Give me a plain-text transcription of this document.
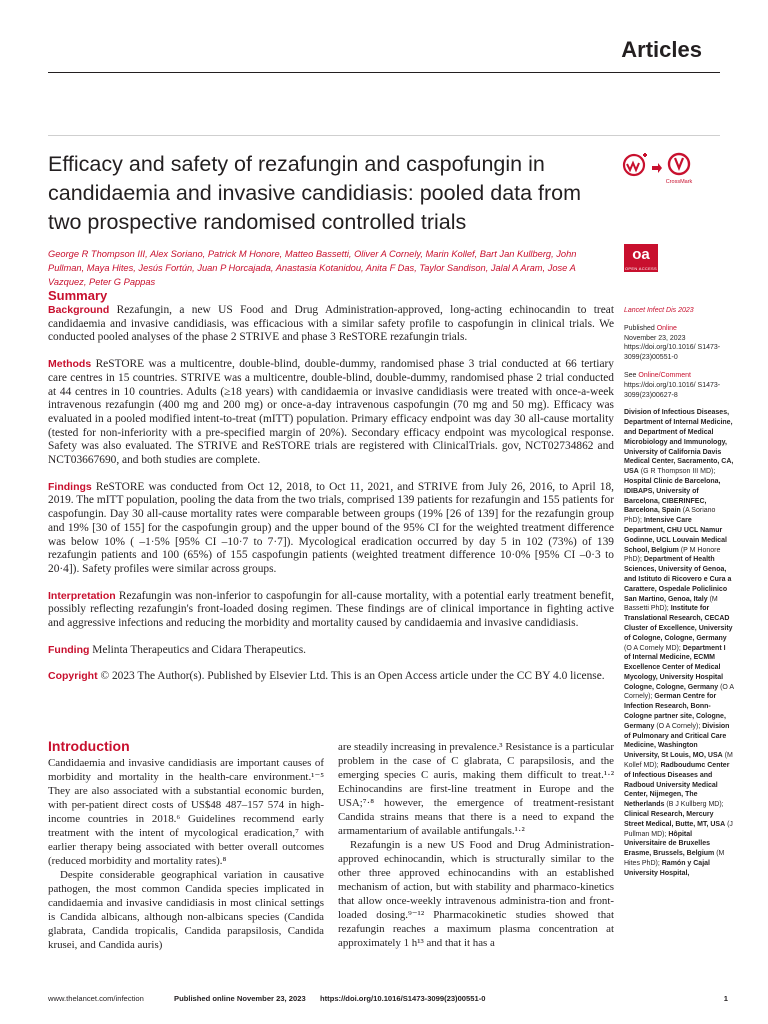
Articles
Efficacy and safety of rezafungin and caspofungin in candidaemia and invasive candidiasis: pooled data from two prospective randomised controlled trials
CrossMark
oa
OPEN ACCESS
George R Thompson III, Alex Soriano, Patrick M Honore, Matteo Bassetti, Oliver A Cornely, Marin Kollef, Bart Jan Kullberg, John Pullman, Maya Hites, Jesús Fortún, Juan P Horcajada, Anastasia Kotanidou, Anita F Das, Taylor Sandison, Jalal A Aram, Jose A Vazquez, Peter G Pappas
Summary

Background Rezafungin, a new US Food and Drug Administration-approved, long-acting echinocandin to treat candidaemia and invasive candidiasis, was efficacious with a similar safety profile to caspofungin in clinical trials. We conducted pooled analyses of the phase 2 STRIVE and phase 3 ReSTORE rezafungin trials.

Methods ReSTORE was a multicentre, double-blind, double-dummy, randomised phase 3 trial conducted at 66 tertiary care centres in 15 countries. STRIVE was a multicentre, double-blind, double-dummy, randomised phase 2 trial conducted at 44 centres in 10 countries. Adults (≥18 years) with candidaemia or invasive candidiasis were treated with once-a-week intravenous rezafungin (400 mg and 200 mg) or once-a-day intravenous caspofungin (70 mg and 50 mg). Efficacy was evaluated in a pooled modified intent-to-treat (mITT) population. Primary efficacy endpoint was day 30 all-cause mortality (tested for non-inferiority with a pre-specified margin of 20%). Secondary efficacy endpoint was mycological response. Safety was also evaluated. The STRIVE and ReSTORE trials are registered with ClinicalTrials. gov, NCT02734862 and NCT03667690, and both studies are complete.

Findings ReSTORE was conducted from Oct 12, 2018, to Oct 11, 2021, and STRIVE from July 26, 2016, to April 18, 2019. The mITT population, pooling the data from the two trials, comprised 139 patients for rezafungin and 155 patients for caspofungin. Day 30 all-cause mortality rates were comparable between groups (19% [26 of 139] for the rezafungin group and 19% [30 of 155] for the caspofungin group) and the upper bound of the 95% CI for the weighted treatment difference was below 10% ( –1·5% [95% CI –10·7 to 7·7]). Mycological eradication occurred by day 5 in 102 (73%) of 139 rezafungin patients and 100 (65%) of 155 caspofungin patients (weighted treatment difference 10·0% [95% CI –0·3 to 20·4]). Safety profiles were similar across groups.

Interpretation Rezafungin was non-inferior to caspofungin for all-cause mortality, with a potential early treatment benefit, possibly reflecting rezafungin's front-loaded dosing regimen. These findings are of clinical importance in fighting active and aggressive infections and reducing the morbidity and mortality caused by candidaemia and invasive candidiasis.

Funding Melinta Therapeutics and Cidara Therapeutics.

Copyright © 2023 The Author(s). Published by Elsevier Ltd. This is an Open Access article under the CC BY 4.0 license.

Lancet Infect Dis 2023
Published Online
November 23, 2023
https://doi.org/10.1016/ S1473-3099(23)00551-0
See Online/Comment
https://doi.org/10.1016/ S1473-3099(23)00627-8
Division of Infectious Diseases, Department of Internal Medicine, and Department of Medical Microbiology and Immunology, University of California Davis Medical Center, Sacramento, CA, USA (G R Thompson III MD); Hospital Clinic de Barcelona, IDIBAPS, University of Barcelona, CIBERINFEC, Barcelona, Spain (A Soriano PhD); Intensive Care Department, CHU UCL Namur Godinne, UCL Louvain Medical School, Belgium (P M Honore PhD); Department of Health Sciences, University of Genoa, and Istituto di Ricovero e Cura a Carattere, Ospedale Policlinico San Martino, Genoa, Italy (M Bassetti PhD); Institute for Translational Research, CECAD Cluster of Excellence, University of Cologne, Cologne, Germany (O A Cornely MD); Department I of Internal Medicine, ECMM Excellence Center of Medical Mycology, University Hospital Cologne, Cologne, Germany (O A Cornely); German Centre for Infection Research, Bonn-Cologne partner site, Cologne, Germany (O A Cornely); Division of Pulmonary and Critical Care Medicine, Washington University, St Louis, MO, USA (M Kollef MD); Radboudumc Center of Infectious Diseases and Radboud University Medical Center, Nijmegen, The Netherlands (B J Kullberg MD); Clinical Research, Mercury Street Medical, Butte, MT, USA (J Pullman MD); Hôpital Universitaire de Bruxelles Erasme, Brussels, Belgium (M Hites PhD); Ramón y Cajal University Hospital,
Introduction

Candidaemia and invasive candidiasis are important causes of morbidity and mortality in the health-care environment.¹⁻⁵ They are also associated with a substantial economic burden, with per-patient direct costs of US$48 487–157 574 in high-income countries in 2018.⁶ Guidelines recommend early treatment with the intent of mycological eradication,⁷ with earlier therapy being associated with better overall outcomes (reduced morbidity and mortality rates).⁸

Despite considerable geographical variation in causative pathogen, the most common Candida species implicated in candidaemia and invasive candidiasis in most clinical settings is Candida albicans, although non-albicans species (Candida glabrata, Candida tropicalis, Candida parapsilosis, Candida krusei, and Candida auris)

are steadily increasing in prevalence.³ Resistance is a particular problem in the case of C glabrata, C parapsilosis, and the emerging species C auris, making them difficult to treat.¹·² Echinocandins are first-line treatment in Europe and the USA;⁷·⁸ however, the emergence of treatment-resistant Candida strains means that there is a need to expand the armamentarium of available antifungals.¹·²

Rezafungin is a new US Food and Drug Administration-approved echinocandin, which is structurally similar to the other three approved echinocandins with an established mechanism of action, but with stability and pharmaco-kinetics that allow once-weekly intravenous administra-tion and front-loaded dosing.⁹⁻¹² Pharmacokinetic studies showed that rezafungin reaches a maximum plasma concentration at approximately 1 h¹³ and that it has a

www.thelancet.com/infection	Published online November 23, 2023 https://doi.org/10.1016/S1473-3099(23)00551-0	1
